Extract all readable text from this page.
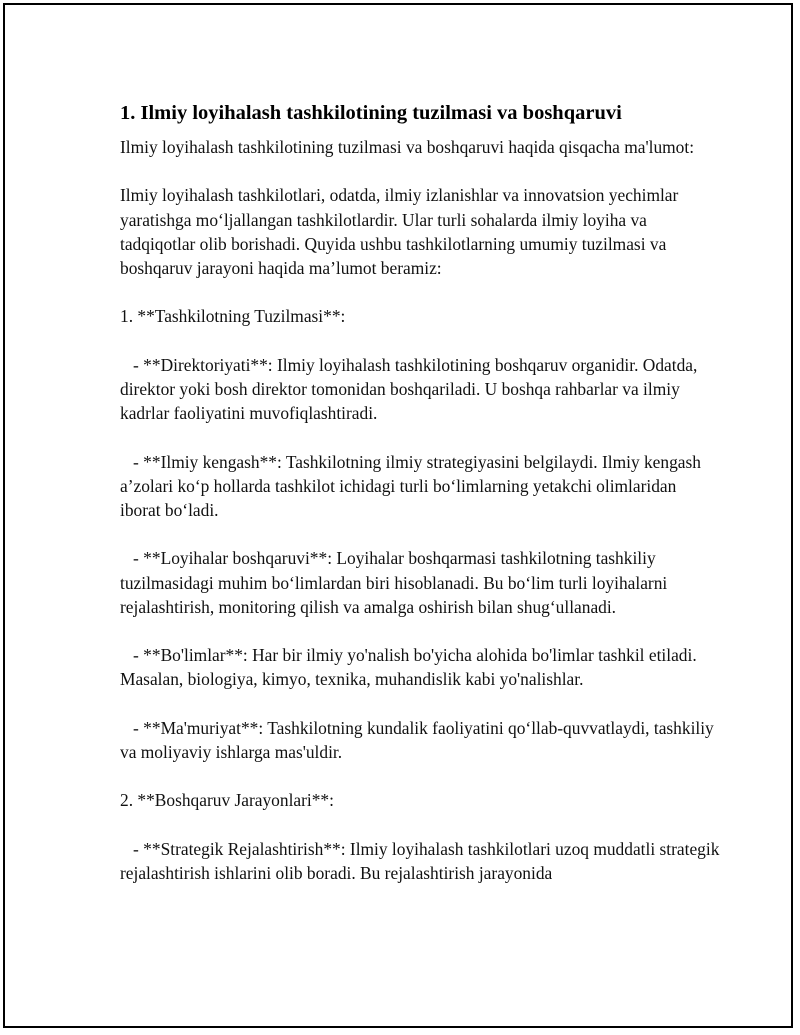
1. Ilmiy loyihalash tashkilotining tuzilmasi va boshqaruvi

Ilmiy loyihalash tashkilotining tuzilmasi va boshqaruvi haqida qisqacha ma'lumot:

Ilmiy loyihalash tashkilotlari, odatda, ilmiy izlanishlar va innovatsion yechimlar yaratishga mo‘ljallangan tashkilotlardir. Ular turli sohalarda ilmiy loyiha va tadqiqotlar olib borishadi. Quyida ushbu tashkilotlarning umumiy tuzilmasi va boshqaruv jarayoni haqida ma’lumot beramiz:

1. **Tashkilotning Tuzilmasi**:

- **Direktoriyati**: Ilmiy loyihalash tashkilotining boshqaruv organidir. Odatda, direktor yoki bosh direktor tomonidan boshqariladi. U boshqa rahbarlar va ilmiy kadrlar faoliyatini muvofiqlashtiradi.

- **Ilmiy kengash**: Tashkilotning ilmiy strategiyasini belgilaydi. Ilmiy kengash a’zolari ko‘p hollarda tashkilot ichidagi turli bo‘limlarning yetakchi olimlaridan iborat bo‘ladi.

- **Loyihalar boshqaruvi**: Loyihalar boshqarmasi tashkilotning tashkiliy tuzilmasidagi muhim bo‘limlardan biri hisoblanadi. Bu bo‘lim turli loyihalarni rejalashtirish, monitoring qilish va amalga oshirish bilan shug‘ullanadi.

- **Bo'limlar**: Har bir ilmiy yo'nalish bo'yicha alohida bo'limlar tashkil etiladi. Masalan, biologiya, kimyo, texnika, muhandislik kabi yo'nalishlar.

- **Ma'muriyat**: Tashkilotning kundalik faoliyatini qo‘llab-quvvatlaydi, tashkiliy va moliyaviy ishlarga mas'uldir.

2. **Boshqaruv Jarayonlari**:

- **Strategik Rejalashtirish**: Ilmiy loyihalash tashkilotlari uzoq muddatli strategik rejalashtirish ishlarini olib boradi. Bu rejalashtirish jarayonida
